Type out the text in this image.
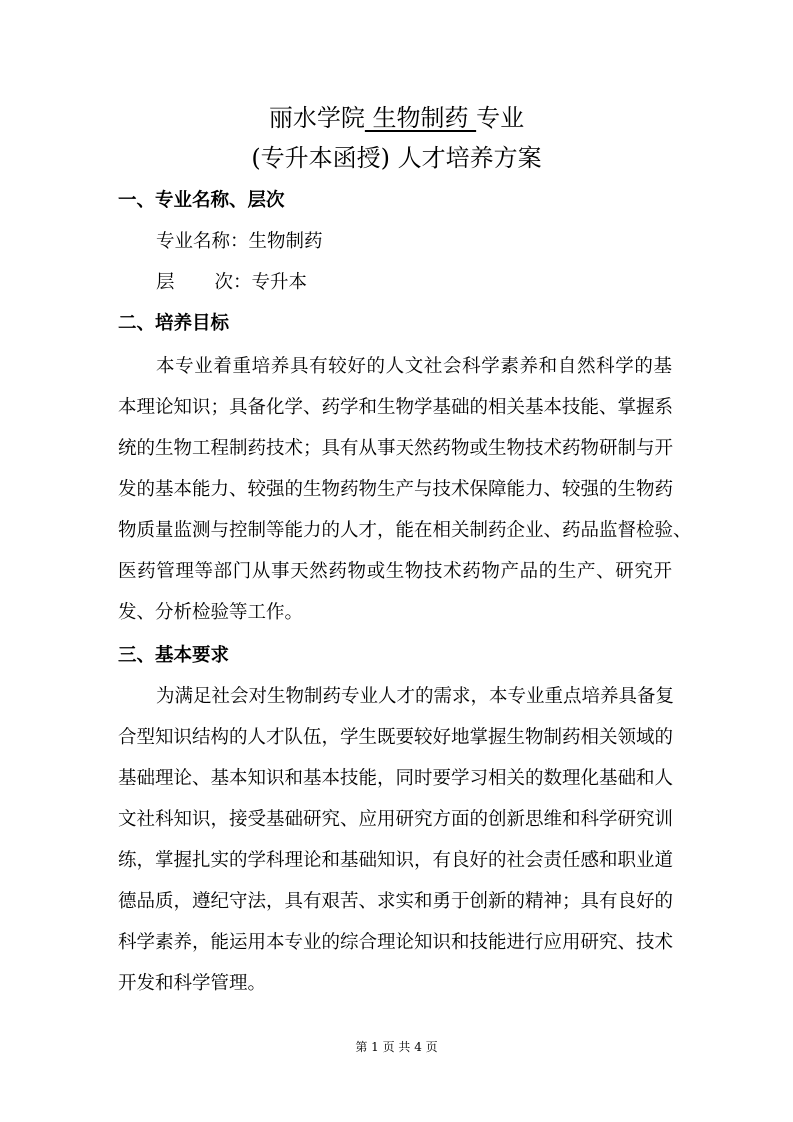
丽水学院 生物制药 专业
(专升本函授) 人才培养方案
一、专业名称、层次
专业名称：生物制药
层 次：专升本
二、培养目标
本专业着重培养具有较好的人文社会科学素养和自然科学的基
本理论知识；具备化学、药学和生物学基础的相关基本技能、掌握系
统的生物工程制药技术；具有从事天然药物或生物技术药物研制与开
发的基本能力、较强的生物药物生产与技术保障能力、较强的生物药
物质量监测与控制等能力的人才，能在相关制药企业、药品监督检验、
医药管理等部门从事天然药物或生物技术药物产品的生产、研究开
发、分析检验等工作。
三、基本要求
为满足社会对生物制药专业人才的需求，本专业重点培养具备复
合型知识结构的人才队伍，学生既要较好地掌握生物制药相关领域的
基础理论、基本知识和基本技能，同时要学习相关的数理化基础和人
文社科知识，接受基础研究、应用研究方面的创新思维和科学研究训
练，掌握扎实的学科理论和基础知识，有良好的社会责任感和职业道
德品质，遵纪守法，具有艰苦、求实和勇于创新的精神；具有良好的
科学素养，能运用本专业的综合理论知识和技能进行应用研究、技术
开发和科学管理。
第 1 页 共 4 页
